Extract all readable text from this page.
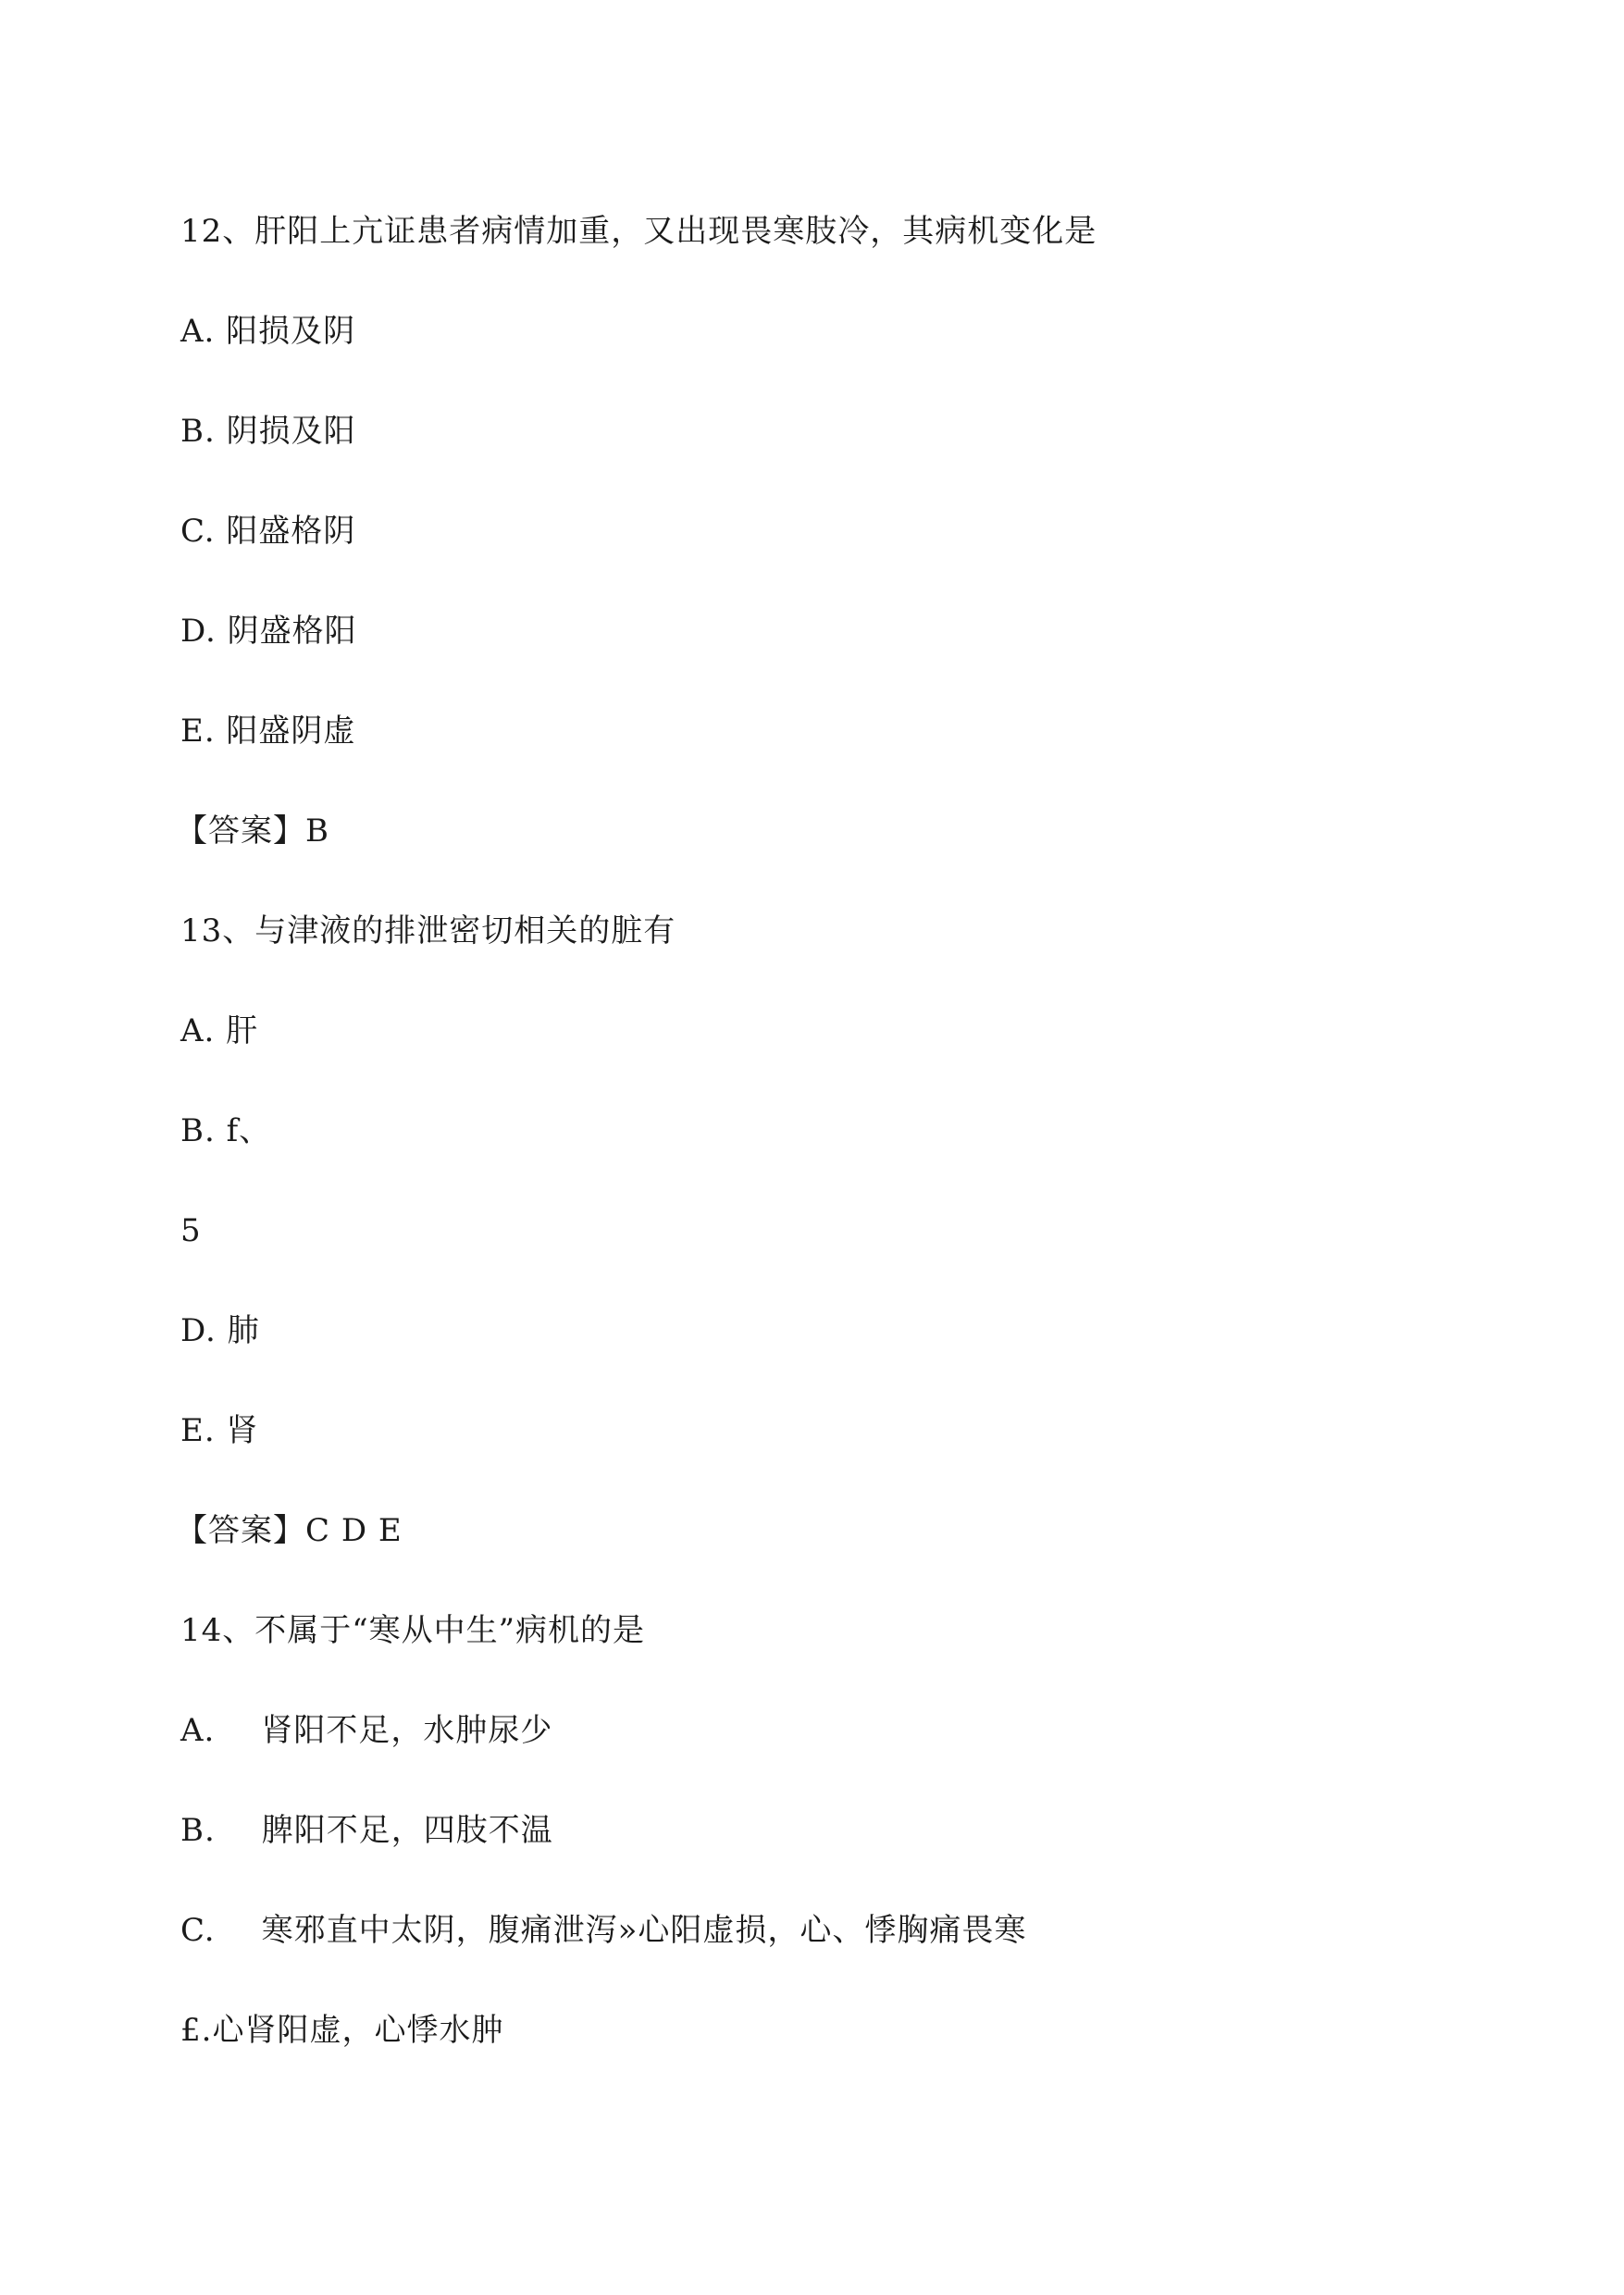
12、肝阳上亢证患者病情加重，又出现畏寒肢冷，其病机变化是
A. 阳损及阴
B. 阴损及阳
C. 阳盛格阴
D. 阴盛格阳
E. 阳盛阴虚
【答案】B
13、与津液的排泄密切相关的脏有
A. 肝
B. f、
5
D. 肺
E. 肾
【答案】C D E
14、不属于“寒从中生”病机的是
A. 肾阳不足，水肿尿少
B. 脾阳不足，四肢不温
C. 寒邪直中太阴，腹痛泄泻»心阳虚损，心、悸胸痛畏寒
£.心肾阳虚，心悸水肿
